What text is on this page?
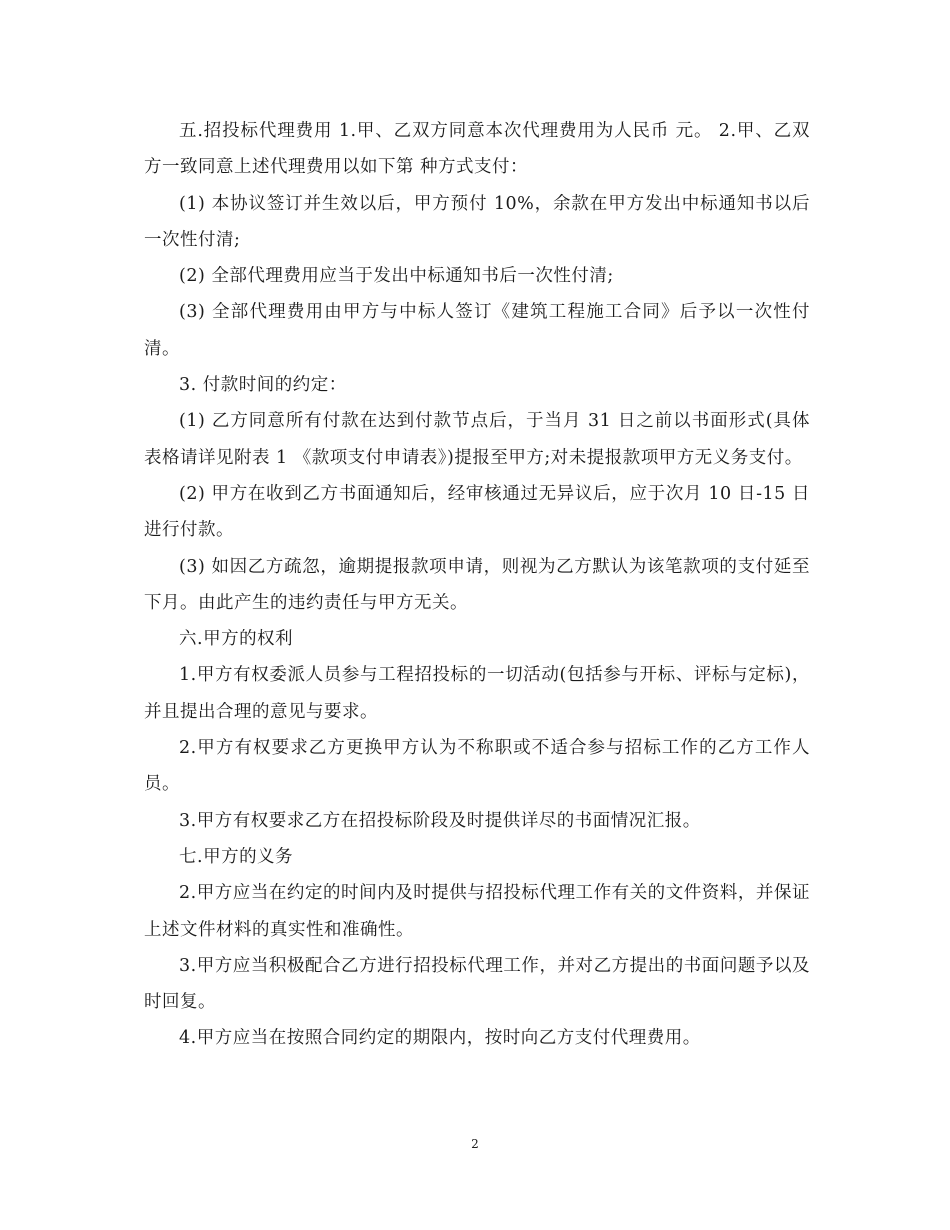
五.招投标代理费用 1.甲、乙双方同意本次代理费用为人民币 元。 2.甲、乙双方一致同意上述代理费用以如下第 种方式支付：

(1) 本协议签订并生效以后，甲方预付 10%，余款在甲方发出中标通知书以后一次性付清;

(2) 全部代理费用应当于发出中标通知书后一次性付清;

(3) 全部代理费用由甲方与中标人签订《建筑工程施工合同》后予以一次性付清。

3. 付款时间的约定：

(1) 乙方同意所有付款在达到付款节点后，于当月 31 日之前以书面形式(具体表格请详见附表 1 《款项支付申请表》)提报至甲方;对未提报款项甲方无义务支付。

(2) 甲方在收到乙方书面通知后，经审核通过无异议后，应于次月 10 日-15 日进行付款。

(3) 如因乙方疏忽，逾期提报款项申请，则视为乙方默认为该笔款项的支付延至下月。由此产生的违约责任与甲方无关。

六.甲方的权利

1.甲方有权委派人员参与工程招投标的一切活动(包括参与开标、评标与定标)，并且提出合理的意见与要求。

2.甲方有权要求乙方更换甲方认为不称职或不适合参与招标工作的乙方工作人员。

3.甲方有权要求乙方在招投标阶段及时提供详尽的书面情况汇报。

七.甲方的义务

2.甲方应当在约定的时间内及时提供与招投标代理工作有关的文件资料，并保证上述文件材料的真实性和准确性。

3.甲方应当积极配合乙方进行招投标代理工作，并对乙方提出的书面问题予以及时回复。

4.甲方应当在按照合同约定的期限内，按时向乙方支付代理费用。

2
